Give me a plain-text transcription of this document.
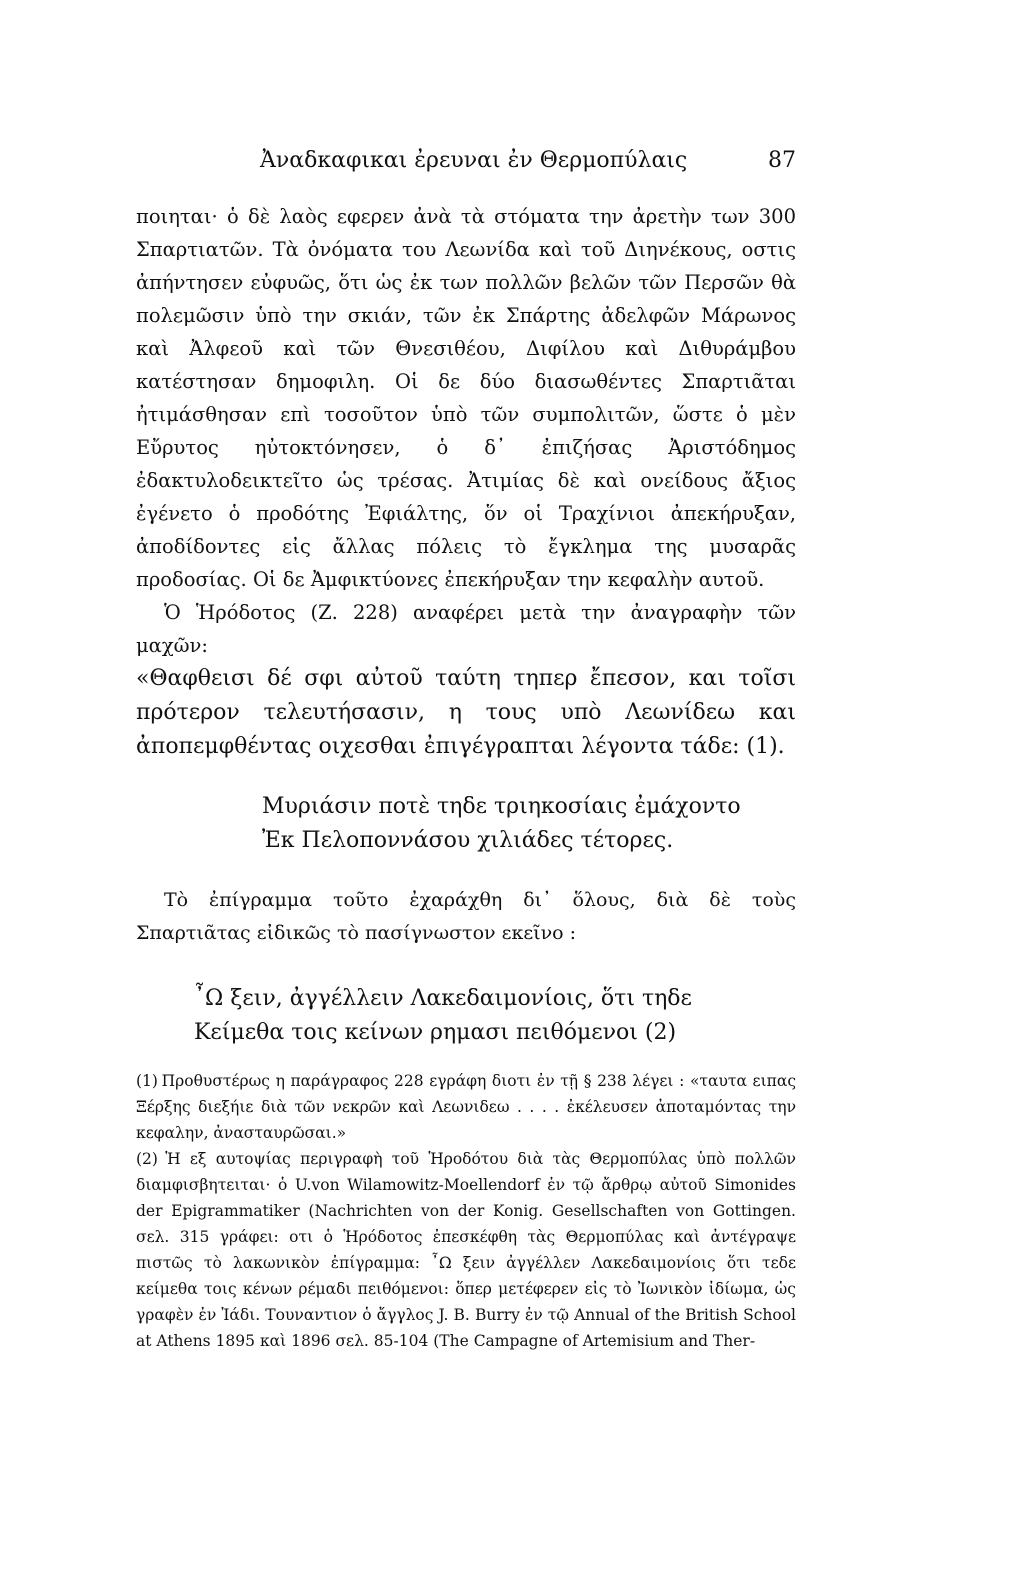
Ἀναδκαφικαι ἐρευναι ἐν Θερμοπύλαις	87

ποιηται· ὁ δὲ λαὸς εφερεν ἀνὰ τὰ στόματα την ἀρετὴν των 300 Σπαρτιατῶν. Τὰ ὀνόματα του Λεωνίδα καὶ τοῦ Διηνέκους, οστις ἀπήντησεν εὐφυῶς, ὅτι ὡς ἐκ των πολλῶν βελῶν τῶν Περσῶν θὰ πολεμῶσιν ὑπὸ την σκιάν, τῶν ἐκ Σπάρτης ἀδελφῶν Μάρωνος καὶ Ἀλφεοῦ καὶ τῶν Θνεσιθέου, Διφίλου καὶ Διθυράμβου κατέστησαν δημοφιλη. Οἱ δε δύο διασωθέντες Σπαρτιᾶται ἠτιμάσθησαν επὶ τοσοῦτον ὑπὸ τῶν συμπολιτῶν, ὥστε ὁ μὲν Εὔρυτος ηὐτοκτόνησεν, ὁ δ᾽ ἐπιζήσας Ἀριστόδημος ἐδακτυλοδεικτεῖτο ὡς τρέσας. Ἀτιμίας δὲ καὶ ονείδους ἄξιος ἐγένετο ὁ προδότης Ἐφιάλτης, ὅν οἱ Τραχίνιοι ἀπεκήρυξαν, ἀποδίδοντες εἰς ἄλλας πόλεις τὸ ἔγκλημα της μυσαρᾶς προδοσίας. Οἱ δε Ἀμφικτύονες ἐπεκήρυξαν την κεφαλὴν αυτοῦ.

Ὁ Ἡρόδοτος (Ζ. 228) αναφέρει μετὰ την ἀναγραφὴν τῶν μαχῶν:

«Θαφθεισι δέ σφι αὐτοῦ ταύτη τηπερ ἔπεσον, και τοῖσι πρότερον τελευτήσασιν, η τους υπὸ Λεωνίδεω και ἀποπεμφθέντας οιχεσθαι ἐπιγέγραπται λέγοντα τάδε: (1).

Μυριάσιν ποτὲ τηδε τριηκοσίαις ἐμάχοντο
Ἐκ Πελοποννάσου χιλιάδες τέτορες.

Τὸ ἐπίγραμμα τοῦτο ἐχαράχθη δι᾽ ὅλους, διὰ δὲ τοὺς Σπαρτιᾶτας εἰδικῶς τὸ πασίγνωστον εκεῖνο :

῏Ω ξειν, ἀγγέλλειν Λακεδαιμονίοις, ὅτι τηδε
Κείμεθα τοις κείνων ρημασι πειθόμενοι (2)

(1) Προθυστέρως η παράγραφος 228 εγράφη διοτι ἐν τῇ § 238 λέγει : «ταυτα ειπας Ξέρξης διεξήιε διὰ τῶν νεκρῶν καὶ Λεωνιδεω . . . . ἐκέλευσεν ἀποταμόντας την κεφαλην, ἀνασταυρῶσαι.»

(2) Ἡ εξ αυτοψίας περιγραφὴ τοῦ Ἡροδότου διὰ τὰς Θερμοπύλας ὑπὸ πολλῶν διαμφισβητειται· ὁ U.von Wilamowitz-Moellendorf ἐν τῷ ἄρθρῳ αὐτοῦ Simonides der Epigrammatiker (Nachrichten von der Konig. Gesellschaften von Gottingen. σελ. 315 γράφει: οτι ὁ Ἡρόδοτος ἐπεσκέφθη τὰς Θερμοπύλας καὶ ἀντέγραψε πιστῶς τὸ λακωνικὸν ἐπίγραμμα: ῏Ω ξειν ἀγγέλλεν Λακεδαιμονίοις ὅτι τεδε κείμεθα τοις κένων ρέμαδι πειθόμενοι: ὅπερ μετέφερεν εἰς τὸ Ἰωνικὸν ἰδίωμα, ὡς γραφὲν ἐν Ἰάδι. Τουναντιον ὁ ἄγγλος J. B. Burry ἐν τῷ Annual of the British School at Athens 1895 καὶ 1896 σελ. 85-104 (The Campagne of Artemisium and Ther-
